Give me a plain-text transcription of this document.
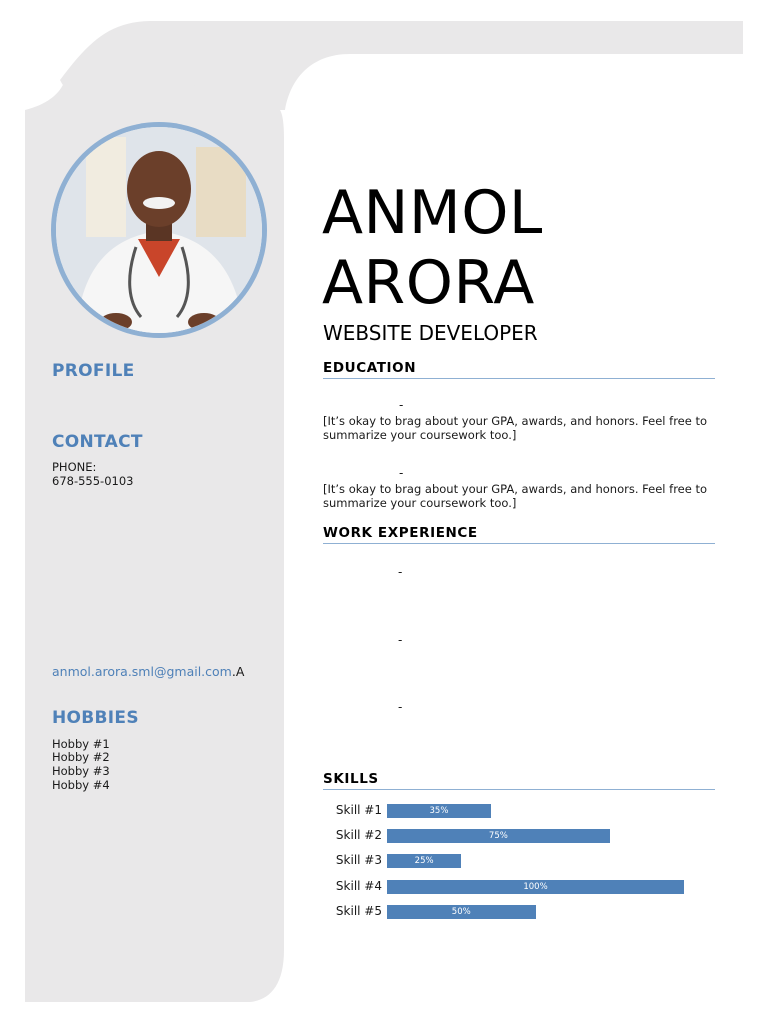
PROFILE
CONTACT
PHONE:
678-555-0103
anmol.arora.sml@gmail.com.A
HOBBIES
Hobby #1
Hobby #2
Hobby #3
Hobby #4
ANMOL
ARORA
WEBSITE DEVELOPER
EDUCATION
-
[It’s okay to brag about your GPA, awards, and honors. Feel free to summarize your coursework too.]
-
[It’s okay to brag about your GPA, awards, and honors. Feel free to summarize your coursework too.]
WORK EXPERIENCE
-
-
-
SKILLS
Skill #1	35%
Skill #2	75%
Skill #3	25%
Skill #4	100%
Skill #5	50%
